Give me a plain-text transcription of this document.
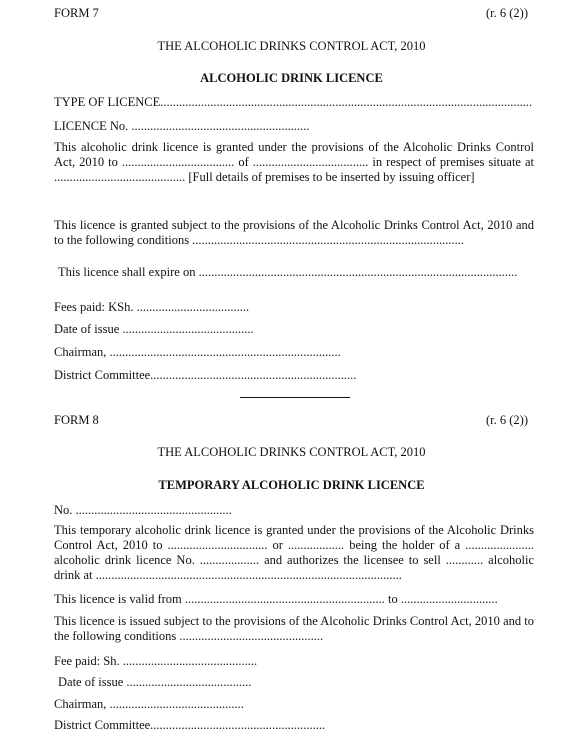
FORM 7	(r. 6 (2))
THE ALCOHOLIC DRINKS CONTROL ACT, 2010
ALCOHOLIC DRINK LICENCE
TYPE OF LICENCE.......................................................................................................................
LICENCE No. .........................................................
This alcoholic drink licence is granted under the provisions of the Alcoholic Drinks Control Act, 2010 to .................................... of ..................................... in respect of premises situate at .......................................... [Full details of premises to be inserted by issuing officer]
This licence is granted subject to the provisions of the Alcoholic Drinks Control Act, 2010 and to the following conditions .......................................................................................
This licence shall expire on ......................................................................................................
Fees paid: KSh. ....................................
Date of issue ..........................................
Chairman, ..........................................................................
District Committee..................................................................
FORM 8	(r. 6 (2))
THE ALCOHOLIC DRINKS CONTROL ACT, 2010
TEMPORARY ALCOHOLIC DRINK LICENCE
No. ..................................................
This temporary alcoholic drink licence is granted under the provisions of the Alcoholic Drinks Control Act, 2010 to ................................ or .................. being the holder of a ...................... alcoholic drink licence No. ................... and authorizes the licensee to sell ............ alcoholic drink at ..................................................................................................
This licence is valid from ................................................................ to ...............................
This licence is issued subject to the provisions of the Alcoholic Drinks Control Act, 2010 and to the following conditions ..............................................
Fee paid: Sh. ...........................................
Date of issue ........................................
Chairman, ...........................................
District Committee........................................................
